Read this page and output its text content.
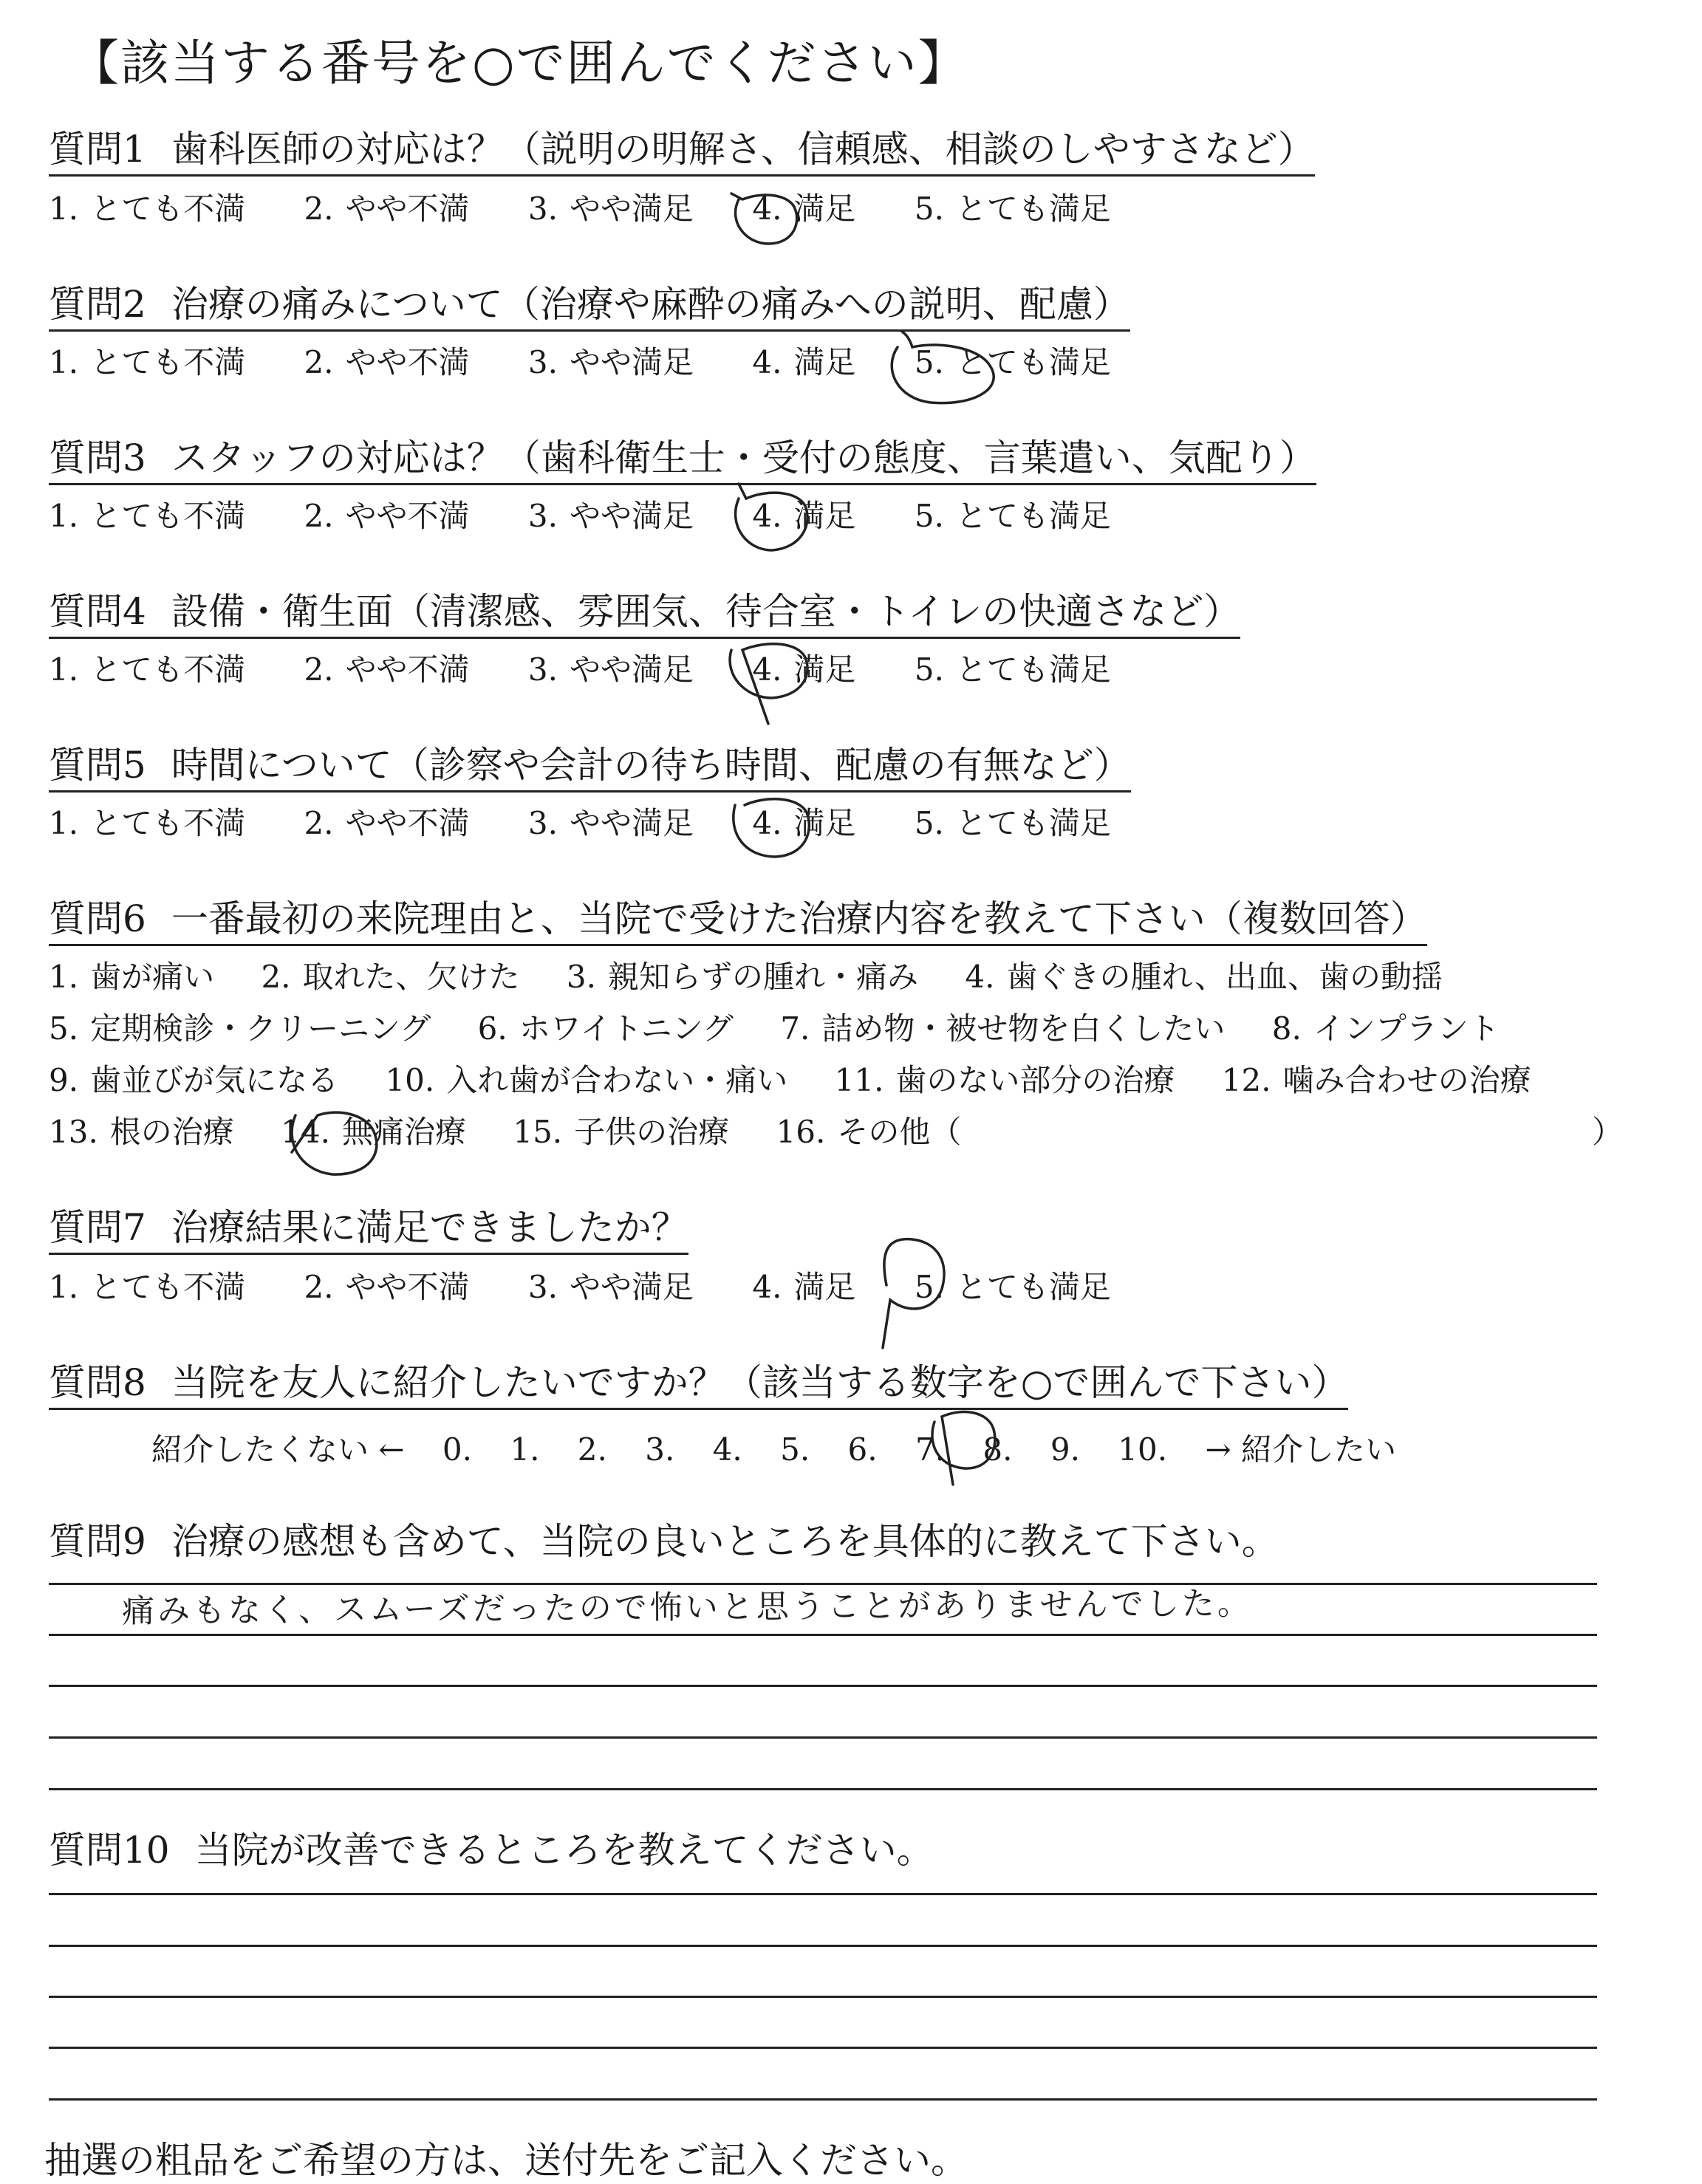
【該当する番号を○で囲んでください】
質問1 歯科医師の対応は？（説明の明解さ、信頼感、相談のしやすさなど）
1. とても不満 2. やや不満 3. やや満足 4. 満足 5. とても満足
質問2 治療の痛みについて（治療や麻酔の痛みへの説明、配慮）
1. とても不満 2. やや不満 3. やや満足 4. 満足 5. とても満足
質問3 スタッフの対応は？（歯科衛生士・受付の態度、言葉遣い、気配り）
1. とても不満 2. やや不満 3. やや満足 4. 満足 5. とても満足
質問4 設備・衛生面（清潔感、雰囲気、待合室・トイレの快適さなど）
1. とても不満 2. やや不満 3. やや満足 4. 満足 5. とても満足
質問5 時間について（診察や会計の待ち時間、配慮の有無など）
1. とても不満 2. やや不満 3. やや満足 4. 満足 5. とても満足
質問6 一番最初の来院理由と、当院で受けた治療内容を教えて下さい（複数回答）
1. 歯が痛い 2. 取れた、欠けた 3. 親知らずの腫れ・痛み 4. 歯ぐきの腫れ、出血、歯の動揺
5. 定期検診・クリーニング 6. ホワイトニング 7. 詰め物・被せ物を白くしたい 8. インプラント
9. 歯並びが気になる 10. 入れ歯が合わない・痛い 11. 歯のない部分の治療 12. 噛み合わせの治療
13. 根の治療 14. 無痛治療 15. 子供の治療 16. その他（	）
質問7 治療結果に満足できましたか？
1. とても不満 2. やや不満 3. やや満足 4. 満足 5. とても満足
質問8 当院を友人に紹介したいですか？（該当する数字を○で囲んで下さい）
紹介したくない ← 0. 1. 2. 3. 4. 5. 6. 7. 8. 9. 10. → 紹介したい
質問9 治療の感想も含めて、当院の良いところを具体的に教えて下さい。
痛みもなく、スムーズだったので怖いと思うことがありませんでした。
質問10 当院が改善できるところを教えてください。
抽選の粗品をご希望の方は、送付先をご記入ください。
